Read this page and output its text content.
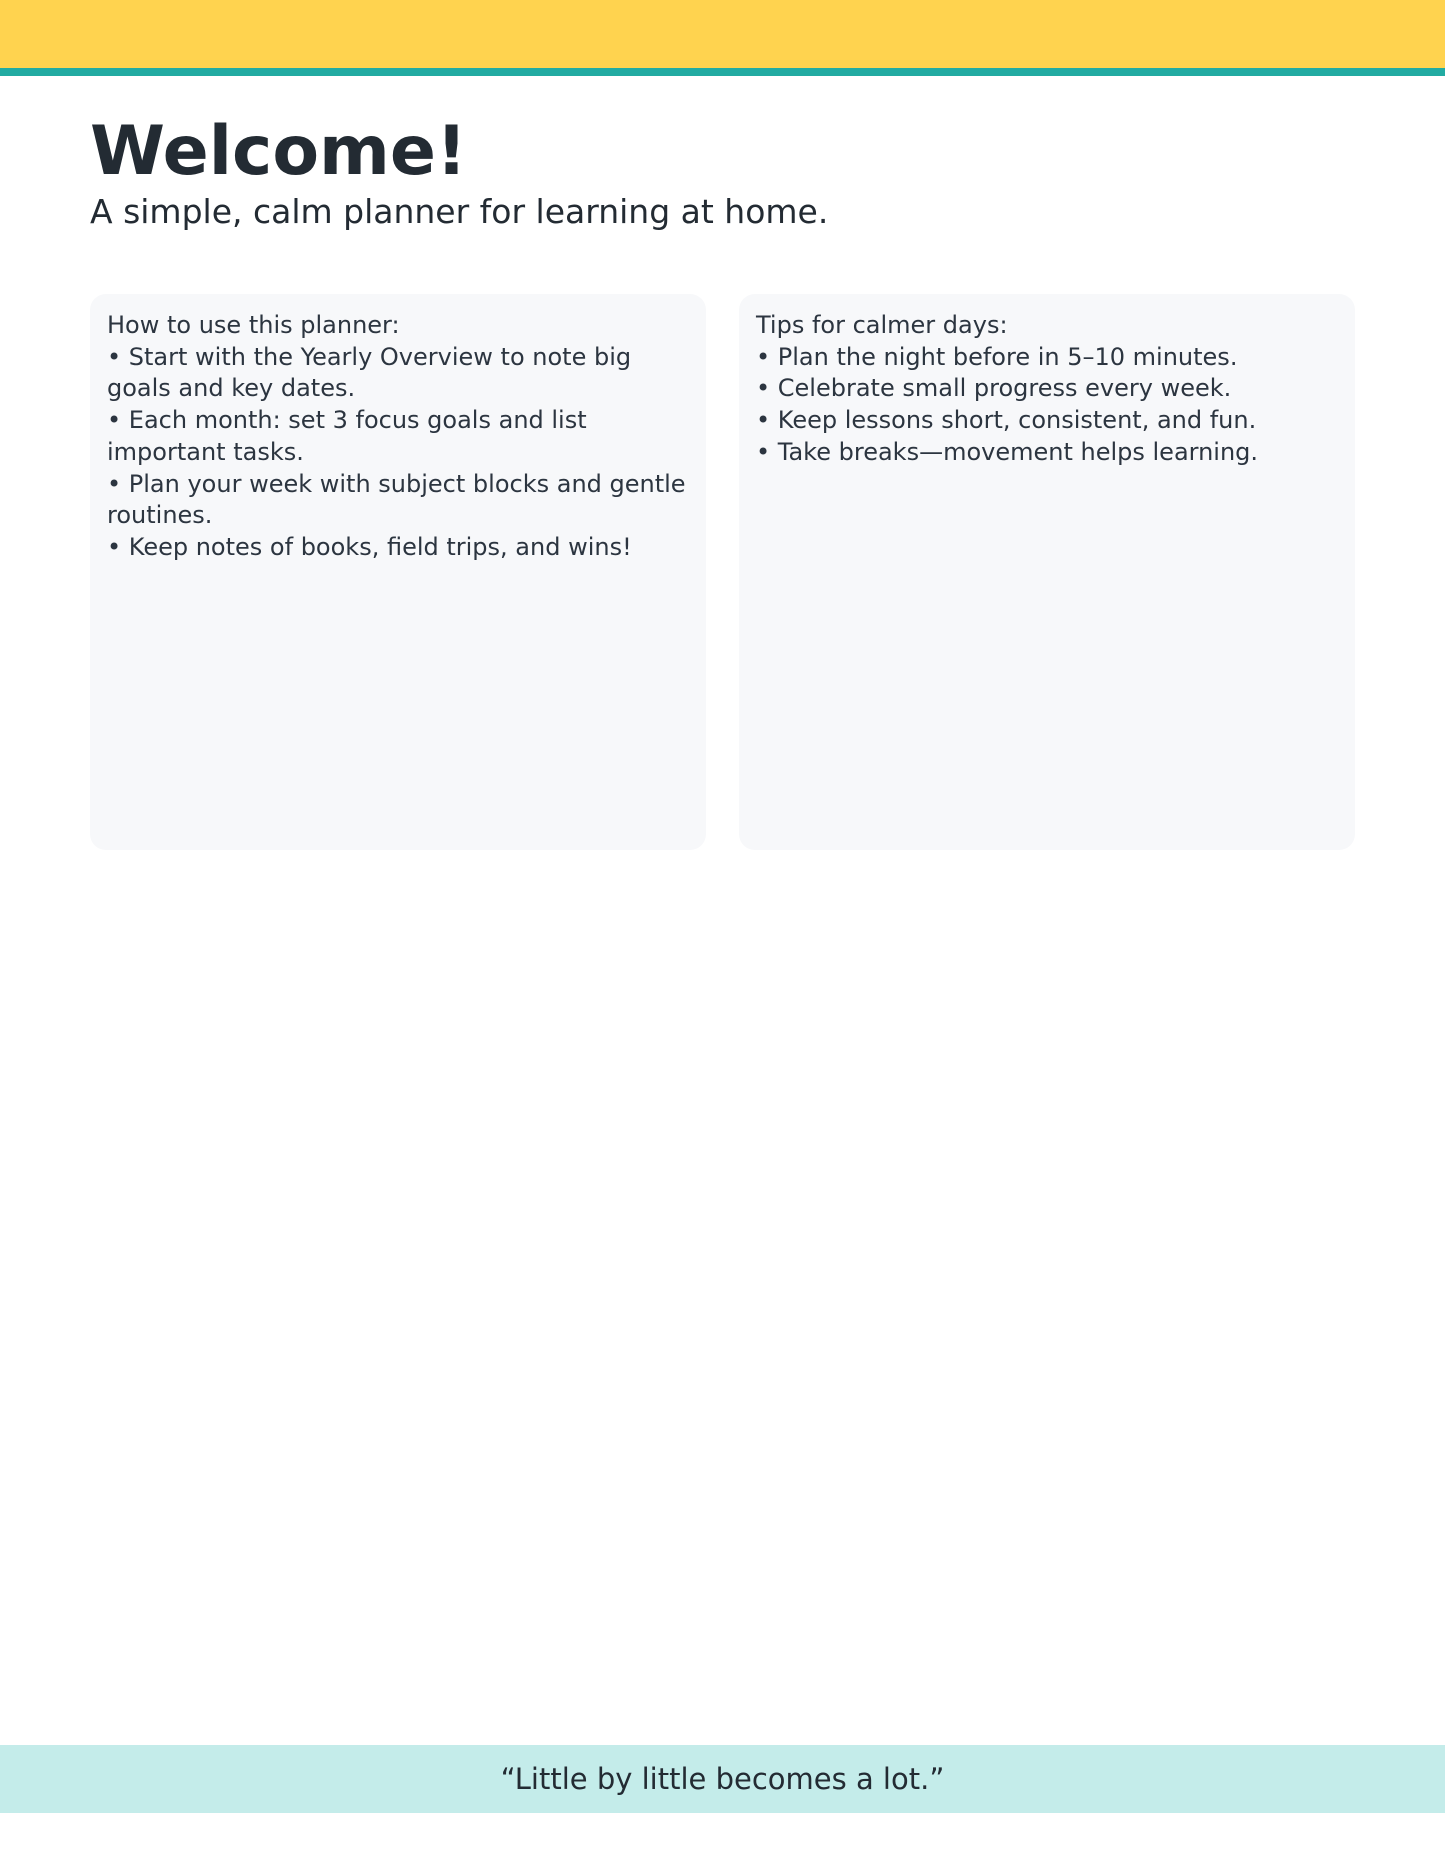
Welcome!

A simple, calm planner for learning at home.

How to use this planner:

• Start with the Yearly Overview to note big goals and key dates.

• Each month: set 3 focus goals and list important tasks.

• Plan your week with subject blocks and gentle routines.

• Keep notes of books, field trips, and wins!

Tips for calmer days:

• Plan the night before in 5–10 minutes.

• Celebrate small progress every week.

• Keep lessons short, consistent, and fun.

• Take breaks—movement helps learning.

“Little by little becomes a lot.”
